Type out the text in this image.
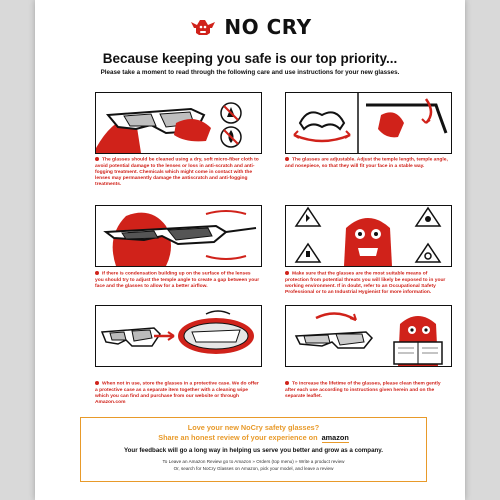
NO CRY
Because keeping you safe is our top priority...
Please take a moment to read through the following care and use instructions for your new glasses.
The glasses should be cleaned using a dry, soft micro-fiber cloth to avoid potential damage to the lenses or loss in anti-scratch and anti-fogging treatment. Chemicals which might come in contact with the lenses may permanently damage the antiscratch and anti-fogging treatments.
The glasses are adjustable. Adjust the temple length, temple angle, and nosepiece, so that they will fit your face in a stable way.
If there is condensation building up on the surface of the lenses you should try to adjust the temple angle to create a gap between your face and the glasses to allow for a better airflow.
Make sure that the glasses are the most suitable means of protection from potential threats you will likely be exposed to in your working environment. If in doubt, refer to an Occupational Safety Professional or to an Industrial Hygienist for more information.
When not in use, store the glasses in a protective case. We do offer a protective case as a separate item together with a cleaning wipe which you can find and purchase from our website or through Amazon.com
To increase the lifetime of the glasses, please clean them gently after each use according to instructions given herein and on the separate leaflet.
Love your new NoCry safety glasses?
Share an honest review of your experience on amazon
Your feedback will go a long way in helping us serve you better and grow as a company.
To Leave an Amazon Review go to Amazon » Orders (top menu) » Write a product review
Or, search for NoCry Glasses on Amazon, pick your model, and leave a review
